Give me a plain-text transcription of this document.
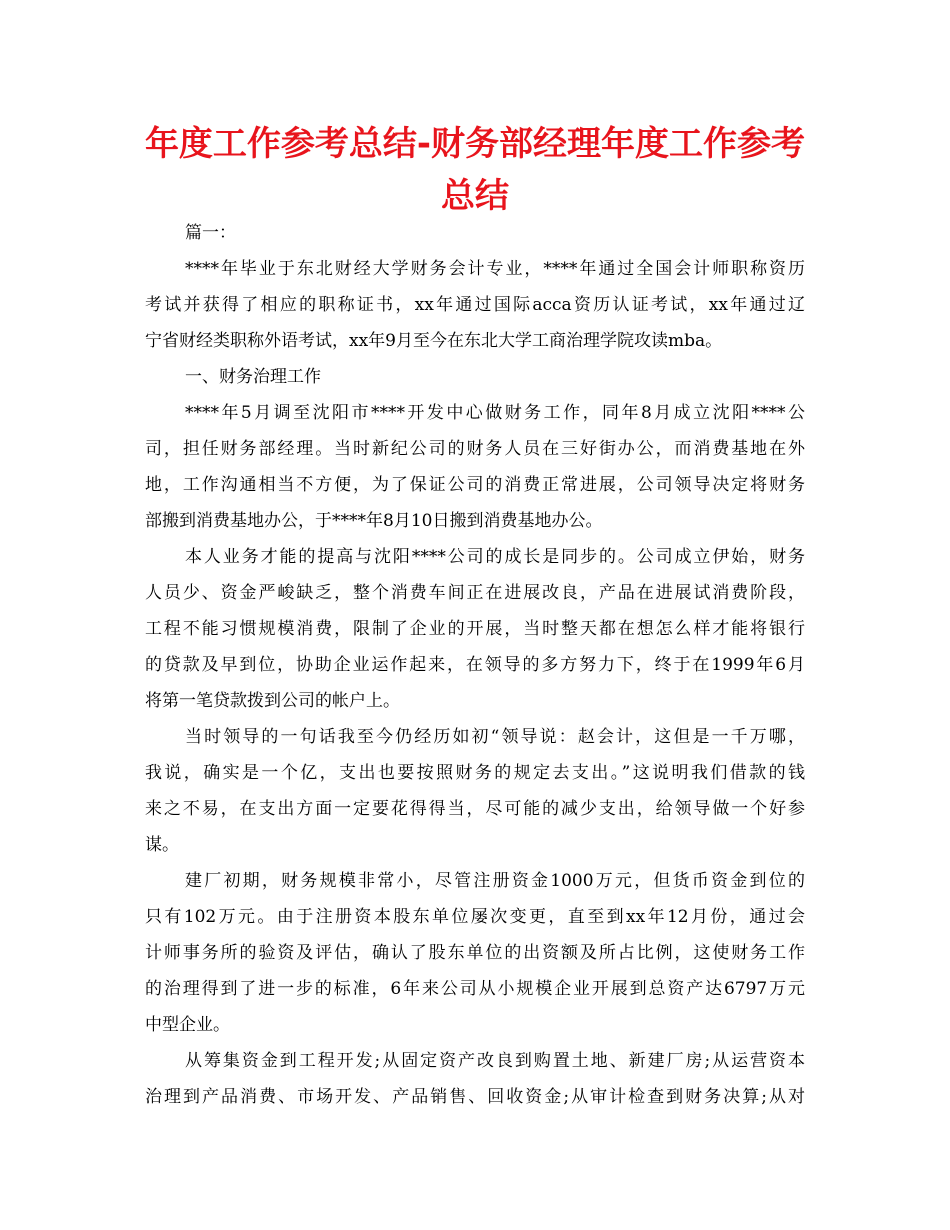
年度工作参考总结-财务部经理年度工作参考总结
篇一：
****年毕业于东北财经大学财务会计专业，****年通过全国会计师职称资历
考试并获得了相应的职称证书，xx年通过国际acca资历认证考试，xx年通过辽
宁省财经类职称外语考试，xx年9月至今在东北大学工商治理学院攻读mba。
一、财务治理工作
****年5月调至沈阳市****开发中心做财务工作，同年8月成立沈阳****公
司，担任财务部经理。当时新纪公司的财务人员在三好街办公，而消费基地在外
地，工作沟通相当不方便，为了保证公司的消费正常进展，公司领导决定将财务
部搬到消费基地办公，于****年8月10日搬到消费基地办公。
本人业务才能的提高与沈阳****公司的成长是同步的。公司成立伊始，财务
人员少、资金严峻缺乏，整个消费车间正在进展改良，产品在进展试消费阶段，
工程不能习惯规模消费，限制了企业的开展，当时整天都在想怎么样才能将银行
的贷款及早到位，协助企业运作起来，在领导的多方努力下，终于在1999年6月
将第一笔贷款拨到公司的帐户上。
当时领导的一句话我至今仍经历如初“领导说：赵会计，这但是一千万哪，
我说，确实是一个亿，支出也要按照财务的规定去支出。”这说明我们借款的钱
来之不易，在支出方面一定要花得得当，尽可能的减少支出，给领导做一个好参
谋。
建厂初期，财务规模非常小，尽管注册资金1000万元，但货币资金到位的
只有102万元。由于注册资本股东单位屡次变更，直至到xx年12月份，通过会
计师事务所的验资及评估，确认了股东单位的出资额及所占比例，这使财务工作
的治理得到了进一步的标准，6年来公司从小规模企业开展到总资产达6797万元
中型企业。
从筹集资金到工程开发;从固定资产改良到购置土地、新建厂房;从运营资本
治理到产品消费、市场开发、产品销售、回收资金;从审计检查到财务决算;从对
